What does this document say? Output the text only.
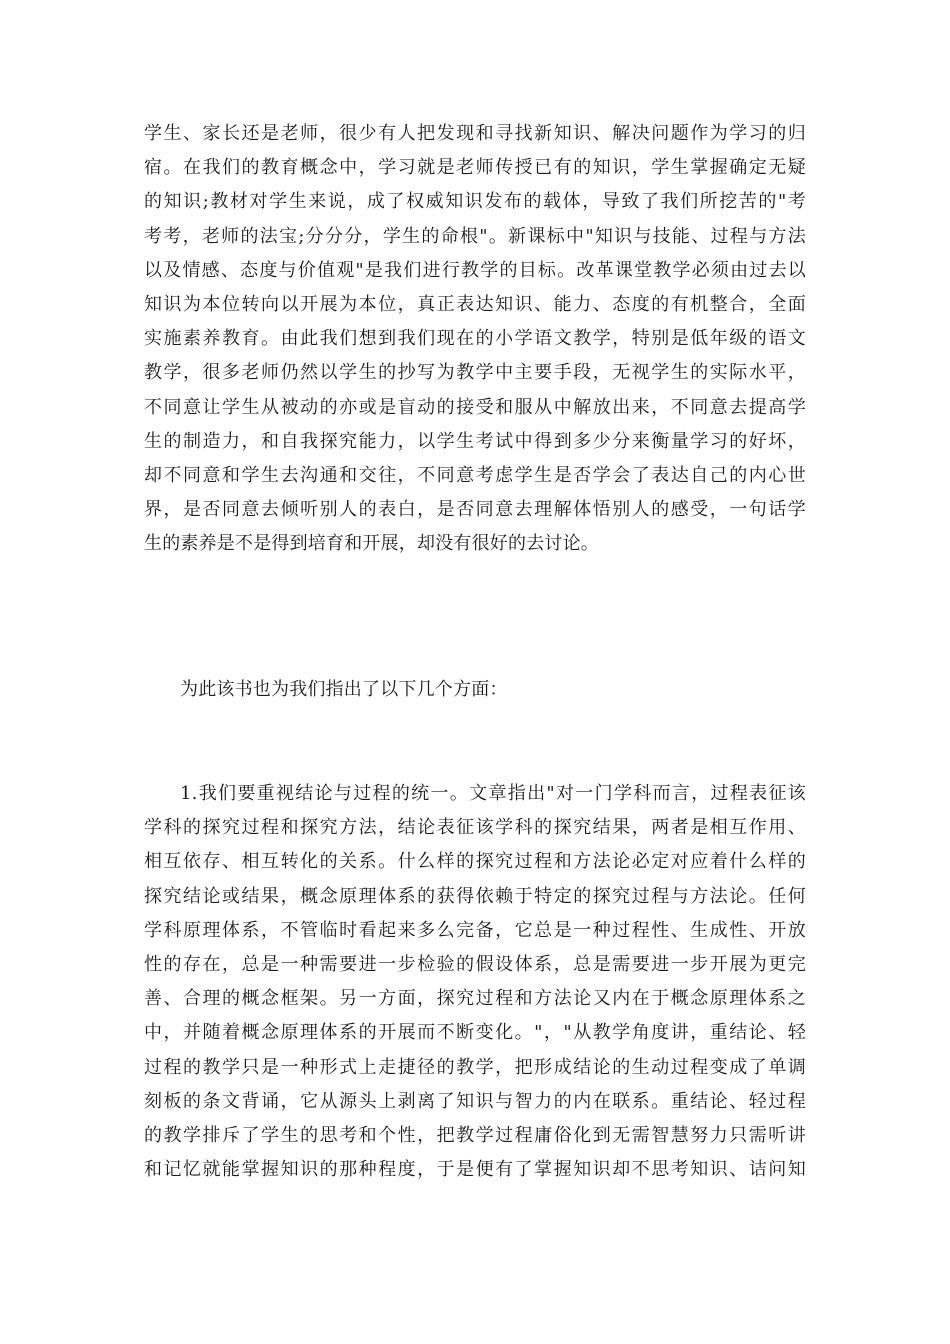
学生、家长还是老师，很少有人把发现和寻找新知识、解决问题作为学习的归
宿。在我们的教育概念中，学习就是老师传授已有的知识，学生掌握确定无疑
的知识;教材对学生来说，成了权威知识发布的载体，导致了我们所挖苦的"考
考考，老师的法宝;分分分，学生的命根"。新课标中"知识与技能、过程与方法
以及情感、态度与价值观"是我们进行教学的目标。改革课堂教学必须由过去以
知识为本位转向以开展为本位，真正表达知识、能力、态度的有机整合，全面
实施素养教育。由此我们想到我们现在的小学语文教学，特别是低年级的语文
教学，很多老师仍然以学生的抄写为教学中主要手段，无视学生的实际水平，
不同意让学生从被动的亦或是盲动的接受和服从中解放出来，不同意去提高学
生的制造力，和自我探究能力，以学生考试中得到多少分来衡量学习的好坏，
却不同意和学生去沟通和交往，不同意考虑学生是否学会了表达自己的内心世
界，是否同意去倾听别人的表白，是否同意去理解体悟别人的感受，一句话学
生的素养是不是得到培育和开展，却没有很好的去讨论。
为此该书也为我们指出了以下几个方面：
1.我们要重视结论与过程的统一。文章指出"对一门学科而言，过程表征该
学科的探究过程和探究方法，结论表征该学科的探究结果，两者是相互作用、
相互依存、相互转化的关系。什么样的探究过程和方法论必定对应着什么样的
探究结论或结果，概念原理体系的获得依赖于特定的探究过程与方法论。任何
学科原理体系，不管临时看起来多么完备，它总是一种过程性、生成性、开放
性的存在，总是一种需要进一步检验的假设体系，总是需要进一步开展为更完
善、合理的概念框架。另一方面，探究过程和方法论又内在于概念原理体系之
中，并随着概念原理体系的开展而不断变化。"，"从教学角度讲，重结论、轻
过程的教学只是一种形式上走捷径的教学，把形成结论的生动过程变成了单调
刻板的条文背诵，它从源头上剥离了知识与智力的内在联系。重结论、轻过程
的教学排斥了学生的思考和个性，把教学过程庸俗化到无需智慧努力只需听讲
和记忆就能掌握知识的那种程度，于是便有了掌握知识却不思考知识、诘问知
